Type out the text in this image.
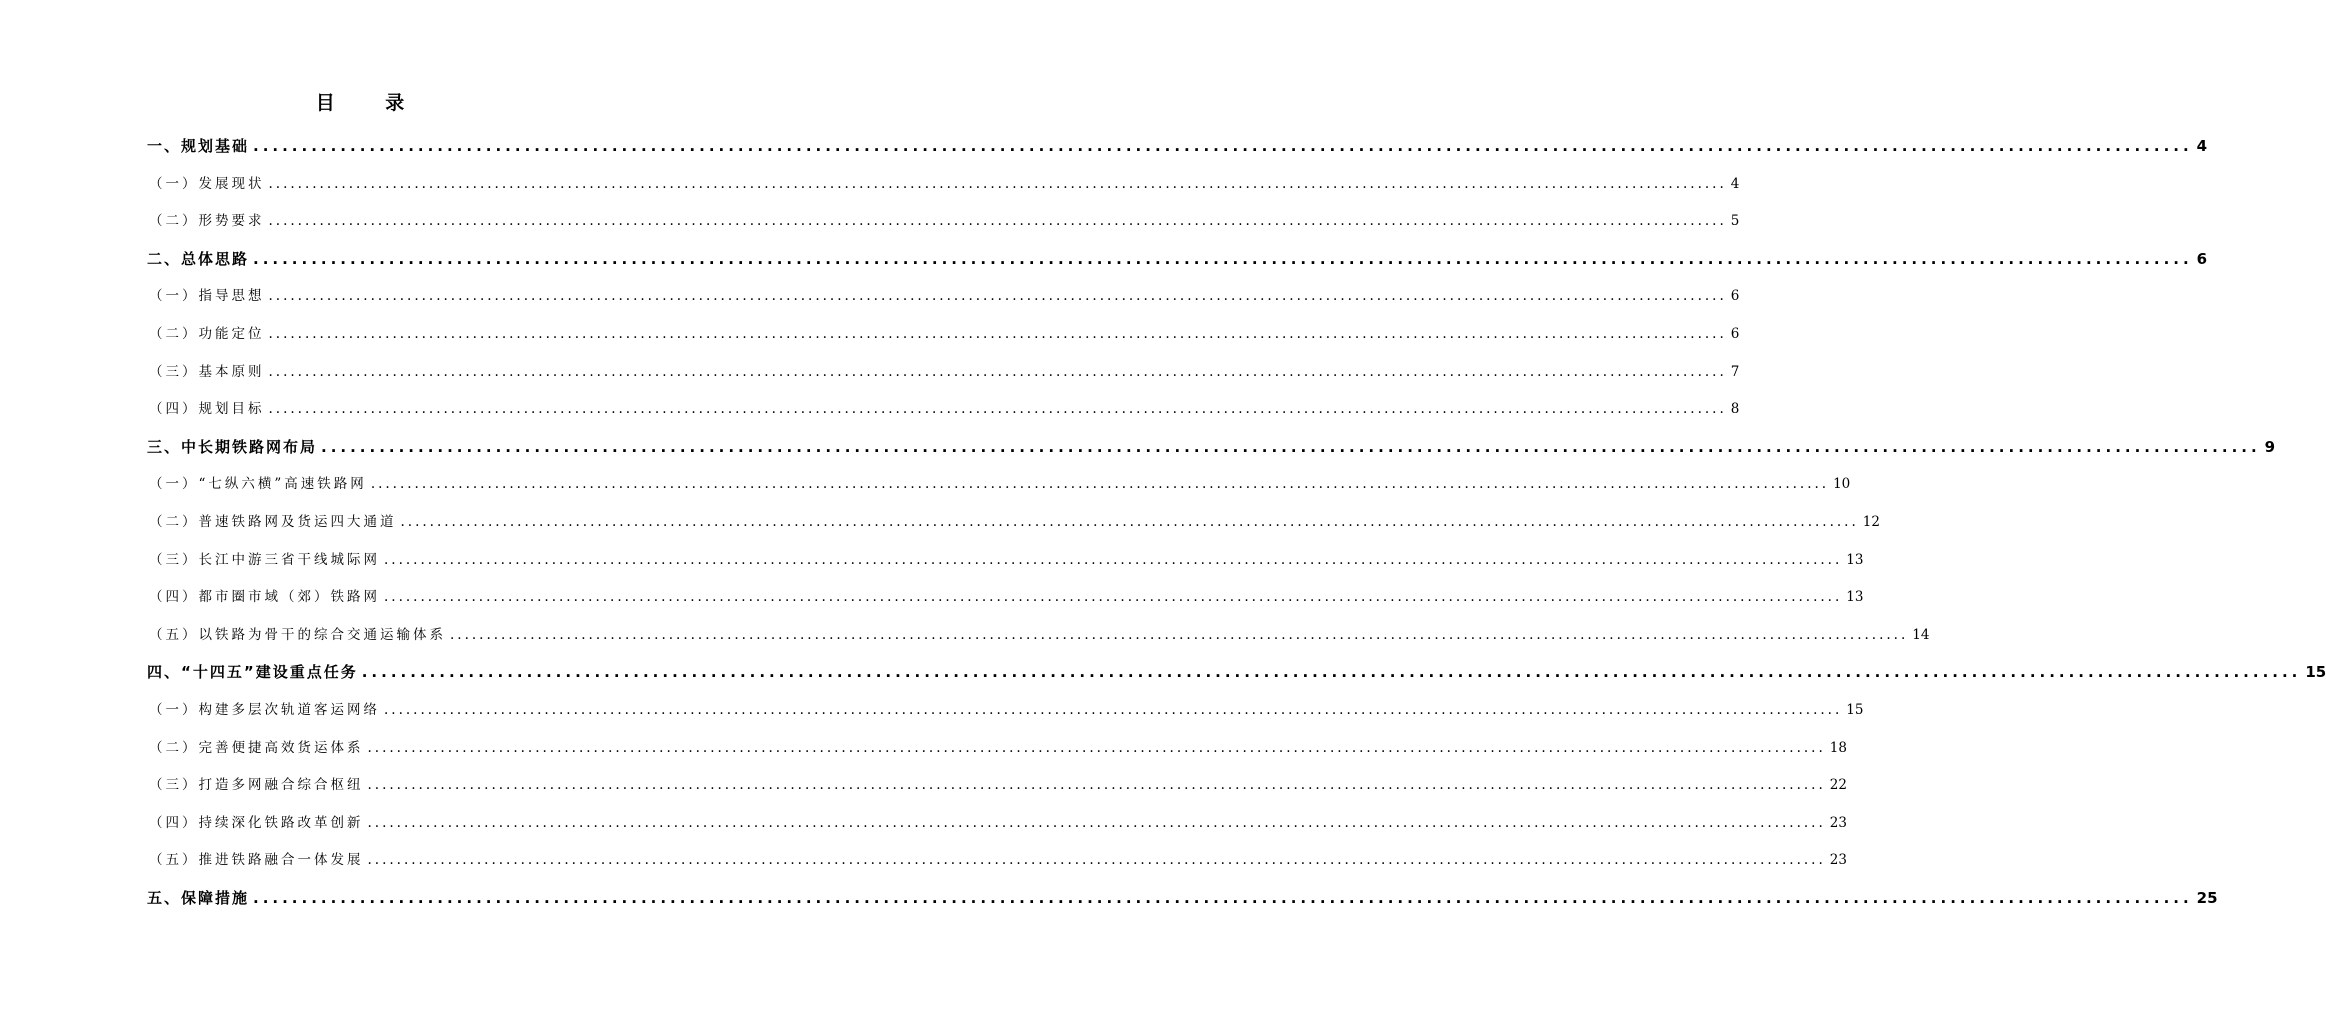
目 录
一、规划基础 ........................................................................................................................................................................................................ 4
（一）发展现状 ........................................................................................................................................................................................................ 4
（二）形势要求 ........................................................................................................................................................................................................ 5
二、总体思路 ........................................................................................................................................................................................................ 6
（一）指导思想 ........................................................................................................................................................................................................ 6
（二）功能定位 ........................................................................................................................................................................................................ 6
（三）基本原则 ........................................................................................................................................................................................................ 7
（四）规划目标 ........................................................................................................................................................................................................ 8
三、中长期铁路网布局 ........................................................................................................................................................................................................ 9
（一）“七纵六横”高速铁路网 ........................................................................................................................................................................................................ 10
（二）普速铁路网及货运四大通道 ........................................................................................................................................................................................................ 12
（三）长江中游三省干线城际网 ........................................................................................................................................................................................................ 13
（四）都市圈市域（郊）铁路网 ........................................................................................................................................................................................................ 13
（五）以铁路为骨干的综合交通运输体系 ........................................................................................................................................................................................................ 14
四、“十四五”建设重点任务 ........................................................................................................................................................................................................ 15
（一）构建多层次轨道客运网络 ........................................................................................................................................................................................................ 15
（二）完善便捷高效货运体系 ........................................................................................................................................................................................................ 18
（三）打造多网融合综合枢纽 ........................................................................................................................................................................................................ 22
（四）持续深化铁路改革创新 ........................................................................................................................................................................................................ 23
（五）推进铁路融合一体发展 ........................................................................................................................................................................................................ 23
五、保障措施 ........................................................................................................................................................................................................ 25
